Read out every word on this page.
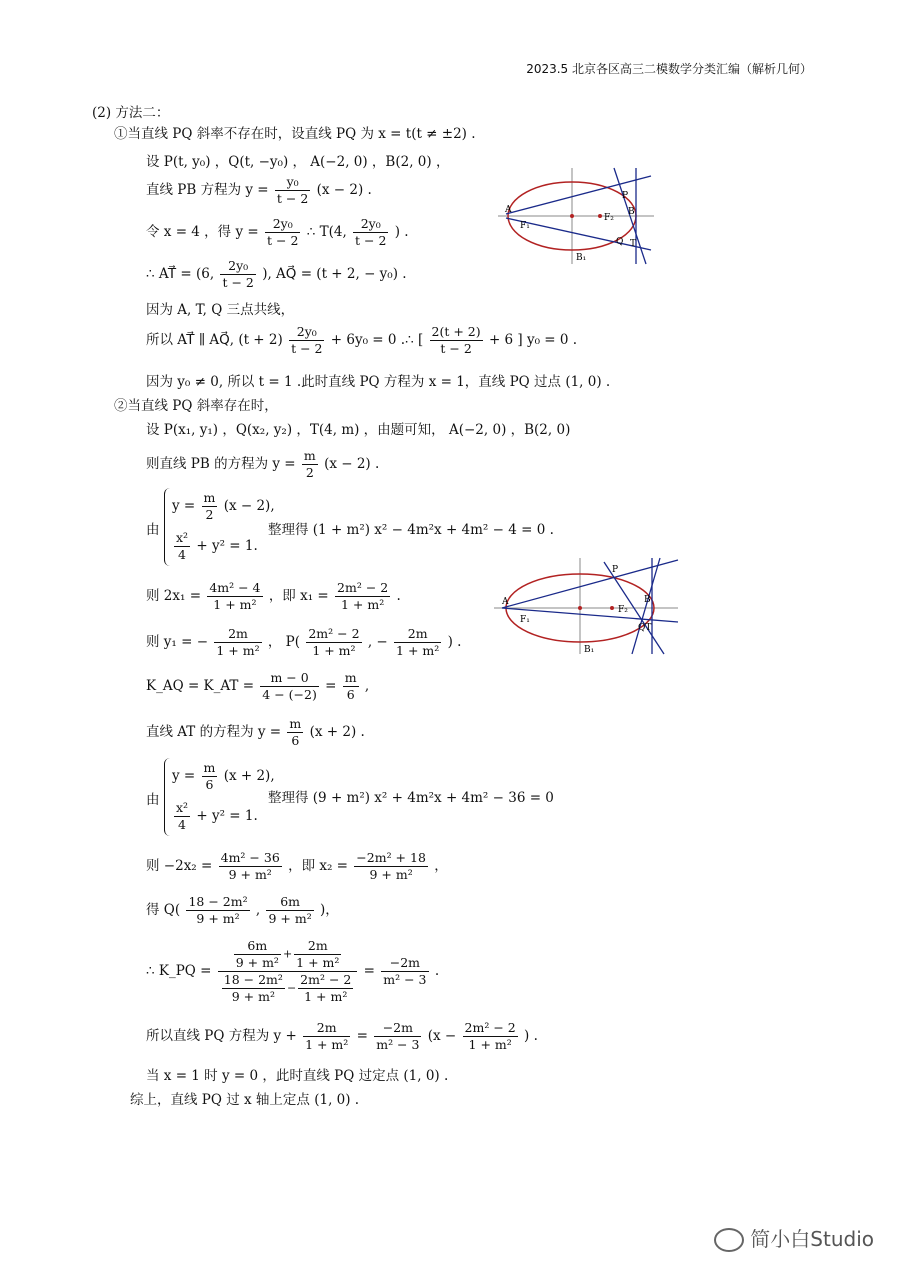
2023.5 北京各区高三二模数学分类汇编（解析几何）
(2) 方法二：
①当直线 PQ 斜率不存在时，设直线 PQ 为 x = t(t ≠ ±2) .
设 P(t, y₀) ，Q(t, −y₀) ， A(−2, 0) ，B(2, 0) ，
直线 PB 方程为 $y = \frac{\text{y₀}}{t - 2} (x - 2)$ .
令 x = 4 ，得 $y = \frac{\text{2y₀}}{t - 2}$ ∴ T(4, $\frac{\text{2y₀}}{t - 2}$ ) .
∴ AT⃗ = (6, $\frac{\text{2y₀}}{t - 2}$ ), AQ⃗ = (t + 2, − y₀) .
因为 A, T, Q 三点共线，
所以 AT⃗ ∥ AQ⃗, $(t + 2) \frac{\text{2y₀}}{t - 2} + 6y_0 = 0$ .∴ [ $\frac{2(t + 2)}{t - 2} + 6$ ] y₀ = 0 .
因为 y₀ ≠ 0, 所以 t = 1 .此时直线 PQ 方程为 x = 1，直线 PQ 过点 (1, 0) .
②当直线 PQ 斜率存在时，
设 P(x₁, y₁) ，Q(x₂, y₂) ，T(4, m) ，由题可知， A(−2, 0) ，B(2, 0)
则直线 PB 的方程为 $y = \frac{m}{2} (x - 2)$ .
由
$y = \frac{m}{2} (x - 2)$,
$\frac{\text{x²}}{4} + y^2 = 1$.
整理得 (1 + m²) x² − 4m²x + 4m² − 4 = 0 .
则 $2x_1 = \frac{\text{4m² − 4}}{\text{1 + m²}}$ ，即 $x_1 = \frac{\text{2m² − 2}}{\text{1 + m²}}$ .
则 y₁ = − $\frac{2m}{\text{1 + m²}}$ ， $P( \frac{\text{2m² − 2}}{\text{1 + m²}}$ , − $\frac{2m}{\text{1 + m²}}$ ) .
K_AQ = K_AT = $\frac{m - 0}{4 - (-2)} = \frac{m}{6}$ ,
直线 AT 的方程为 $y = \frac{m}{6} (x + 2)$ .
由
$y = \frac{m}{6} (x + 2)$,
$\frac{\text{x²}}{4} + y^2 = 1$.
整理得 (9 + m²) x² + 4m²x + 4m² − 36 = 0
则 $-2x_2 = \frac{\text{4m² − 36}}{\text{9 + m²}}$ ，即 $x_2 = \frac{\text{−2m² + 18}}{\text{9 + m²}}$ ，
得 $Q( \frac{\text{18 − 2m²}}{\text{9 + m²}}$ , $\frac{6m}{\text{9 + m²}}$ )，
∴ K_PQ = $\frac{\frac{6m}{\text{9 + m²}} + \frac{2m}{\text{1 + m²}}}{\frac{\text{18 − 2m²}}{\text{9 + m²}} - \frac{\text{2m² − 2}}{\text{1 + m²}}} = \frac{-2m}{\text{m² − 3}}$ .
所以直线 PQ 方程为 $y + \frac{2m}{\text{1 + m²}} = \frac{-2m}{\text{m² − 3}} (x - \frac{\text{2m² − 2}}{\text{1 + m²}}$ ) .
当 x = 1 时 y = 0 ，此时直线 PQ 过定点 (1, 0) .
综上，直线 PQ 过 x 轴上定点 (1, 0) .
A
F₁
F₂
B
P
Q T
B₁
A
F₁
F₂
B
P
QT
B₁
简小白Studio
